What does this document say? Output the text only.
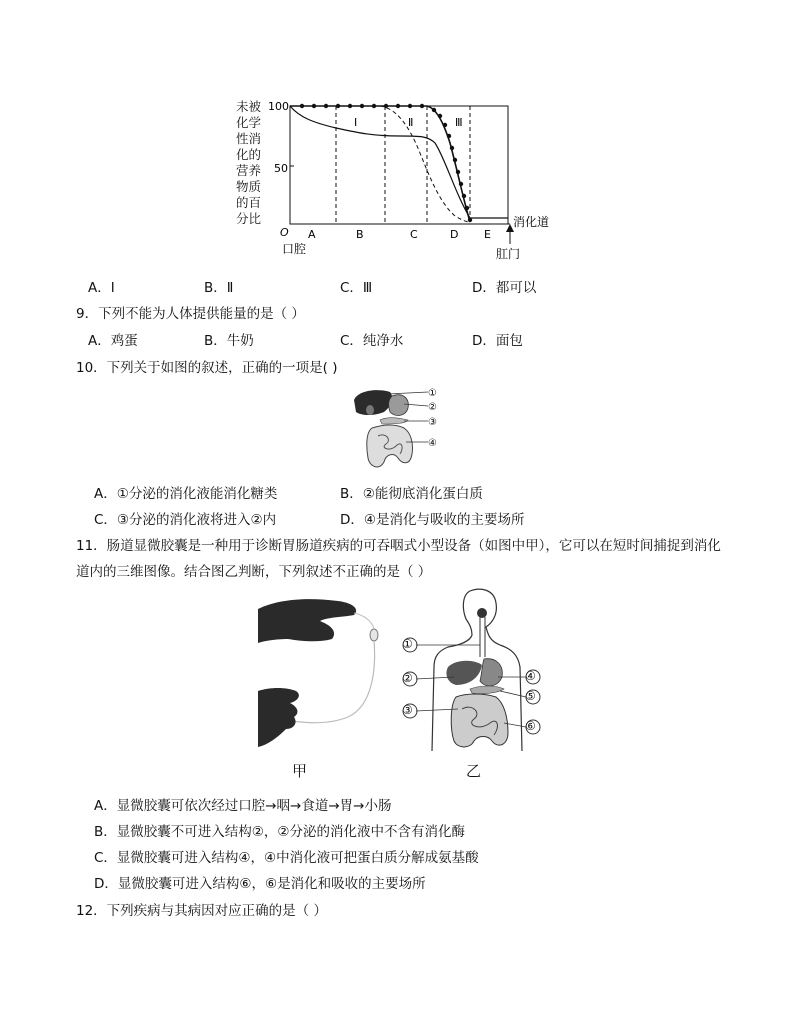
未被
化学
性消
化的
营养
物质
的百
分比
100
50
O
Ⅰ	Ⅱ	Ⅲ
A	B	C	D E
消化道
口腔	肛门
A．Ⅰ	B．Ⅱ	C．Ⅲ	D．都可以
9．下列不能为人体提供能量的是（ ）
A．鸡蛋	B．牛奶	C．纯净水	D．面包
10．下列关于如图的叙述，正确的一项是( )
①
②
③
④
A．①分泌的消化液能消化糖类	B．②能彻底消化蛋白质
C．③分泌的消化液将进入②内	D．④是消化与吸收的主要场所
11．肠道显微胶囊是一种用于诊断胃肠道疾病的可吞咽式小型设备（如图中甲），它可以在短时间捕捉到消化
道内的三维图像。结合图乙判断，下列叙述不正确的是（ ）
甲
①
②
③
④
⑤
⑥
乙
A．显微胶囊可依次经过口腔→咽→食道→胃→小肠
B．显微胶囊不可进入结构②，②分泌的消化液中不含有消化酶
C．显微胶囊可进入结构④，④中消化液可把蛋白质分解成氨基酸
D．显微胶囊可进入结构⑥，⑥是消化和吸收的主要场所
12．下列疾病与其病因对应正确的是（ ）
